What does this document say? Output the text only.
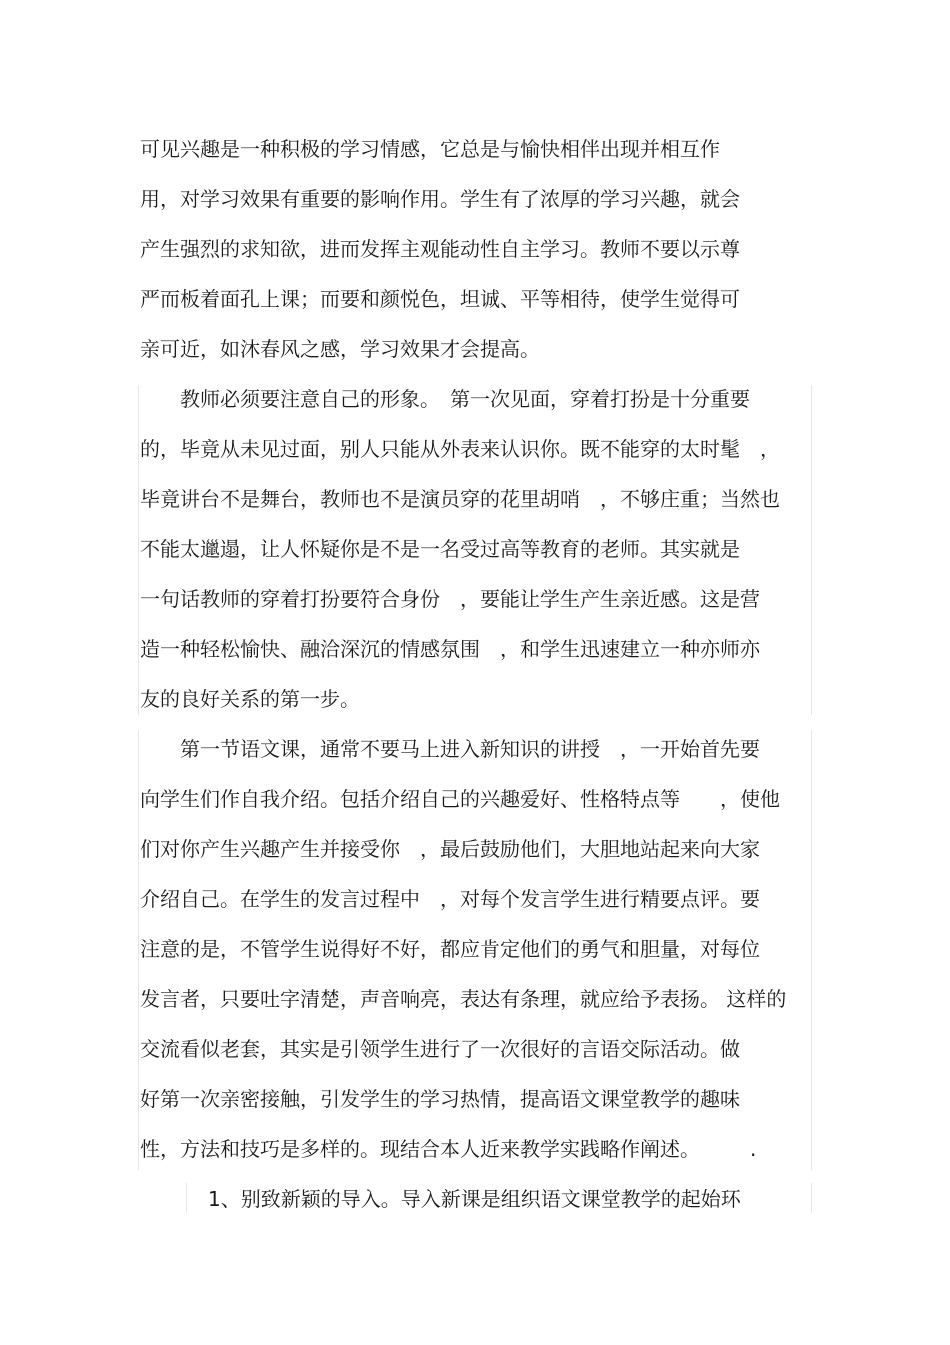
可见兴趣是一种积极的学习情感，它总是与愉快相伴出现并相互作
用，对学习效果有重要的影响作用。学生有了浓厚的学习兴趣，就会
产生强烈的求知欲，进而发挥主观能动性自主学习。教师不要以示尊
严而板着面孔上课；而要和颜悦色，坦诚、平等相待，使学生觉得可
亲可近，如沐春风之感，学习效果才会提高。
　　教师必须要注意自己的形象。　第一次见面，穿着打扮是十分重要
的，毕竟从未见过面，别人只能从外表来认识你。既不能穿的太时髦　，
毕竟讲台不是舞台，教师也不是演员穿的花里胡哨　，不够庄重；当然也
不能太邋遢，让人怀疑你是不是一名受过高等教育的老师。其实就是
一句话教师的穿着打扮要符合身份　，要能让学生产生亲近感。这是营
造一种轻松愉快、融洽深沉的情感氛围　，和学生迅速建立一种亦师亦
友的良好关系的第一步。
　　第一节语文课，通常不要马上进入新知识的讲授　，一开始首先要
向学生们作自我介绍。包括介绍自己的兴趣爱好、性格特点等　　，使他
们对你产生兴趣产生并接受你　，最后鼓励他们，大胆地站起来向大家
介绍自己。在学生的发言过程中　，对每个发言学生进行精要点评。要
注意的是，不管学生说得好不好，都应肯定他们的勇气和胆量，对每位
发言者，只要吐字清楚，声音响亮，表达有条理，就应给予表扬。 这样的
交流看似老套，其实是引领学生进行了一次很好的言语交际活动。做
好第一次亲密接触，引发学生的学习热情，提高语文课堂教学的趣味
性，方法和技巧是多样的。现结合本人近来教学实践略作阐述。　　　.
1、别致新颖的导入。导入新课是组织语文课堂教学的起始环
